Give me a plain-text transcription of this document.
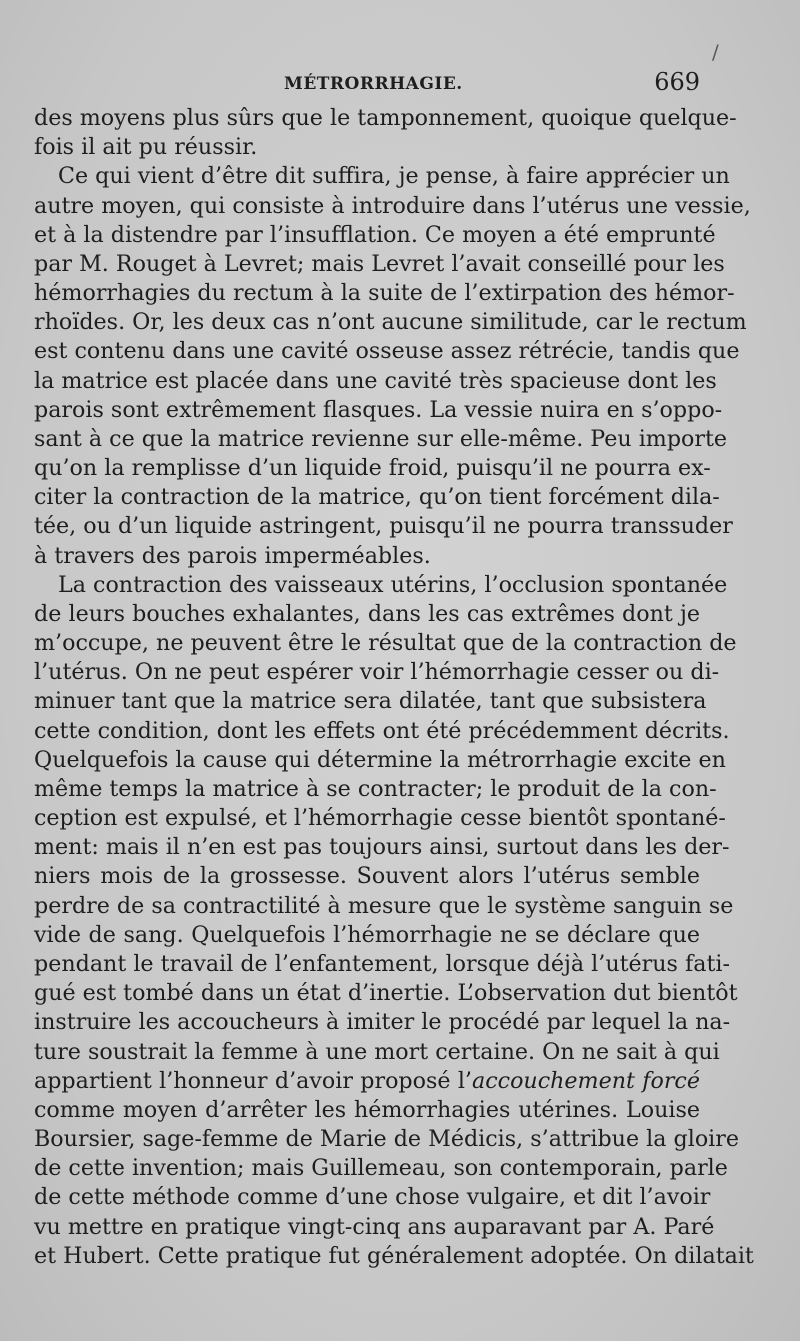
/
MÉTRORRHAGIE.	669
des moyens plus sûrs que le tamponnement, quoique quelque-
fois il ait pu réussir.
Ce qui vient d’être dit suffira, je pense, à faire apprécier un
autre moyen, qui consiste à introduire dans l’utérus une vessie,
et à la distendre par l’insufflation. Ce moyen a été emprunté
par M. Rouget à Levret; mais Levret l’avait conseillé pour les
hémorrhagies du rectum à la suite de l’extirpation des hémor-
rhoïdes. Or, les deux cas n’ont aucune similitude, car le rectum
est contenu dans une cavité osseuse assez rétrécie, tandis que
la matrice est placée dans une cavité très spacieuse dont les
parois sont extrêmement flasques. La vessie nuira en s’oppo-
sant à ce que la matrice revienne sur elle-même. Peu importe
qu’on la remplisse d’un liquide froid, puisqu’il ne pourra ex-
citer la contraction de la matrice, qu’on tient forcément dila-
tée, ou d’un liquide astringent, puisqu’il ne pourra transsuder
à travers des parois imperméables.
La contraction des vaisseaux utérins, l’occlusion spontanée
de leurs bouches exhalantes, dans les cas extrêmes dont je
m’occupe, ne peuvent être le résultat que de la contraction de
l’utérus. On ne peut espérer voir l’hémorrhagie cesser ou di-
minuer tant que la matrice sera dilatée, tant que subsistera
cette condition, dont les effets ont été précédemment décrits.
Quelquefois la cause qui détermine la métrorrhagie excite en
même temps la matrice à se contracter; le produit de la con-
ception est expulsé, et l’hémorrhagie cesse bientôt spontané-
ment: mais il n’en est pas toujours ainsi, surtout dans les der-
niers mois de la grossesse. Souvent alors l’utérus semble
perdre de sa contractilité à mesure que le système sanguin se
vide de sang. Quelquefois l’hémorrhagie ne se déclare que
pendant le travail de l’enfantement, lorsque déjà l’utérus fati-
gué est tombé dans un état d’inertie. L’observation dut bientôt
instruire les accoucheurs à imiter le procédé par lequel la na-
ture soustrait la femme à une mort certaine. On ne sait à qui
appartient l’honneur d’avoir proposé l’accouchement forcé
comme moyen d’arrêter les hémorrhagies utérines. Louise
Boursier, sage-femme de Marie de Médicis, s’attribue la gloire
de cette invention; mais Guillemeau, son contemporain, parle
de cette méthode comme d’une chose vulgaire, et dit l’avoir
vu mettre en pratique vingt-cinq ans auparavant par A. Paré
et Hubert. Cette pratique fut généralement adoptée. On dilatait
